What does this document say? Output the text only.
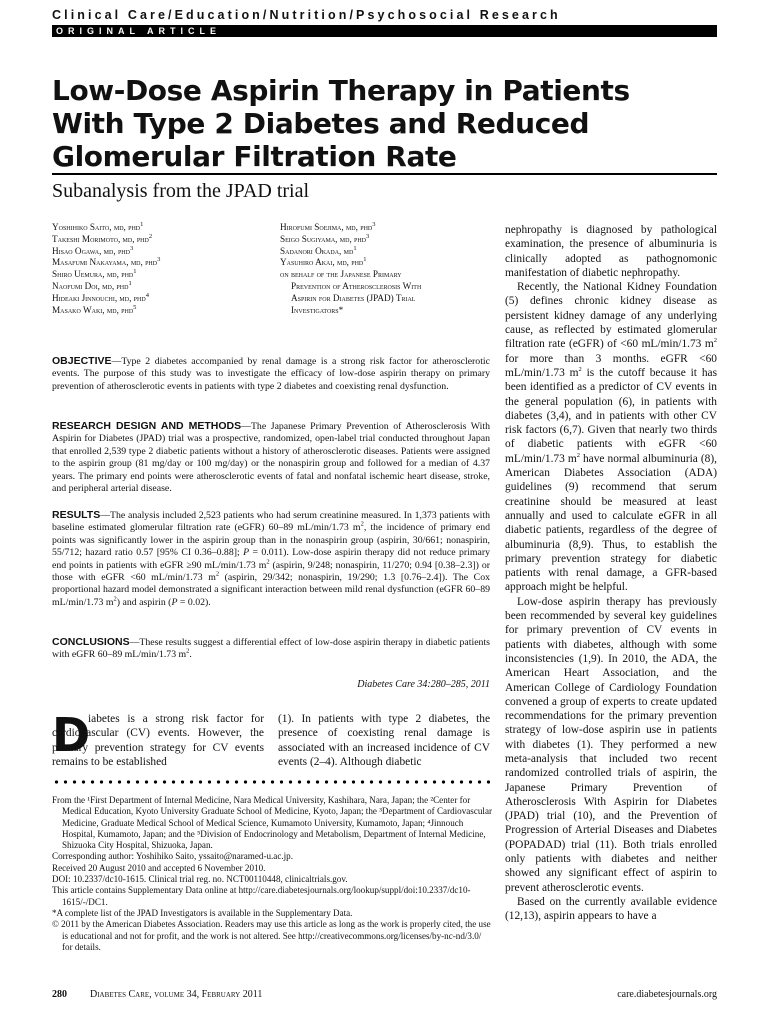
Clinical Care/Education/Nutrition/Psychosocial Research
ORIGINAL ARTICLE
Low-Dose Aspirin Therapy in Patients
With Type 2 Diabetes and Reduced
Glomerular Filtration Rate
Subanalysis from the JPAD trial
Yoshihiko Saito, md, phd$^1$
Takeshi Morimoto, md, phd$^2$
Hisao Ogawa, md, phd$^3$
Masafumi Nakayama, md, phd$^3$
Shiro Uemura, md, phd$^1$
Naofumi Doi, md, phd$^1$
Hideaki Jinnouchi, md, phd$^4$
Masako Waki, md, phd$^5$
Hirofumi Soejima, md, phd$^3$
Seigo Sugiyama, md, phd$^3$
Sadanori Okada, $md^1$
Yasuhiro Akai, md, phd$^1$
on behalf of the Japanese Primary
Prevention of Atherosclerosis With
Aspirin for Diabetes (JPAD) Trial
Investigators*

OBJECTIVE—Type 2 diabetes accompanied by renal damage is a strong risk factor for atherosclerotic events. The purpose of this study was to investigate the efficacy of low-dose aspirin therapy on primary prevention of atherosclerotic events in patients with type 2 diabetes and coexisting renal dysfunction.

RESEARCH DESIGN AND METHODS—The Japanese Primary Prevention of Atherosclerosis With Aspirin for Diabetes (JPAD) trial was a prospective, randomized, open-label trial conducted throughout Japan that enrolled 2,539 type 2 diabetic patients without a history of atherosclerotic diseases. Patients were assigned to the aspirin group (81 mg/day or 100 mg/day) or the nonaspirin group and followed for a median of 4.37 years. The primary end points were atherosclerotic events of fatal and nonfatal ischemic heart disease, stroke, and peripheral arterial disease.

RESULTS—The analysis included 2,523 patients who had serum creatinine measured. In 1,373 patients with baseline estimated glomerular filtration rate (eGFR) 60–89 mL/min/1.73 $m^2$, the incidence of primary end points was significantly lower in the aspirin group than in the nonaspirin group (aspirin, 30/661; nonaspirin, 55/712; hazard ratio 0.57 [95% CI 0.36–0.88]; P = 0.011). Low-dose aspirin therapy did not reduce primary end points in patients with eGFR ≥90 mL/min/1.73 $m^2$ (aspirin, 9/248; nonaspirin, 11/270; 0.94 [0.38–2.3]) or those with eGFR <60 mL/min/1.73 $m^2$ (aspirin, 29/342; nonaspirin, 19/290; 1.3 [0.76–2.4]). The Cox proportional hazard model demonstrated a significant interaction between mild renal dysfunction (eGFR 60–89 mL/min/1.73 $m^2$) and aspirin (P = 0.02).

CONCLUSIONS—These results suggest a differential effect of low-dose aspirin therapy in diabetic patients with eGFR 60–89 mL/min/1.73 $m^2$.

Diabetes Care 34:280–285, 2011
D
iabetes is a strong risk factor for cardiovascular (CV) events. However, the primary prevention strategy for CV events remains to be established
(1). In patients with type 2 diabetes, the presence of coexisting renal damage is associated with an increased incidence of CV events (2–4). Although diabetic
From the ¹First Department of Internal Medicine, Nara Medical University, Kashihara, Nara, Japan; the ²Center for Medical Education, Kyoto University Graduate School of Medicine, Kyoto, Japan; the ³Department of Cardiovascular Medicine, Graduate Medical School of Medical Science, Kumamoto University, Kumamoto, Japan; ⁴Jinnouch Hospital, Kumamoto, Japan; and the ⁵Division of Endocrinology and Metabolism, Department of Internal Medicine, Shizuoka City Hospital, Shizuoka, Japan.
Corresponding author: Yoshihiko Saito, yssaito@naramed-u.ac.jp.
Received 20 August 2010 and accepted 6 November 2010.
DOI: 10.2337/dc10-1615. Clinical trial reg. no. NCT00110448, clinicaltrials.gov.
This article contains Supplementary Data online at http://care.diabetesjournals.org/lookup/suppl/doi:10.2337/dc10-1615/-/DC1.
*A complete list of the JPAD Investigators is available in the Supplementary Data.
© 2011 by the American Diabetes Association. Readers may use this article as long as the work is properly cited, the use is educational and not for profit, and the work is not altered. See http://creativecommons.org/licenses/by-nc-nd/3.0/ for details.

nephropathy is diagnosed by pathological examination, the presence of albuminuria is clinically adopted as pathognomonic manifestation of diabetic nephropathy.

Recently, the National Kidney Foundation (5) defines chronic kidney disease as persistent kidney damage of any underlying cause, as reflected by estimated glomerular filtration rate (eGFR) of <60 mL/min/1.73 $m^2$ for more than 3 months. eGFR <60 mL/min/1.73 $m^2$ is the cutoff because it has been identified as a predictor of CV events in the general population (6), in patients with diabetes (3,4), and in patients with other CV risk factors (6,7). Given that nearly two thirds of diabetic patients with eGFR <60 mL/min/1.73 $m^2$ have normal albuminuria (8), American Diabetes Association (ADA) guidelines (9) recommend that serum creatinine should be measured at least annually and used to calculate eGFR in all diabetic patients, regardless of the degree of albuminuria (8,9). Thus, to establish the primary prevention strategy for diabetic patients with renal damage, a GFR-based approach might be helpful.

Low-dose aspirin therapy has previously been recommended by several key guidelines for primary prevention of CV events in patients with diabetes, although with some inconsistencies (1,9). In 2010, the ADA, the American Heart Association, and the American College of Cardiology Foundation convened a group of experts to create updated recommendations for the primary prevention strategy of low-dose aspirin use in patients with diabetes (1). They performed a new meta-analysis that included two recent randomized controlled trials of aspirin, the Japanese Primary Prevention of Atherosclerosis With Aspirin for Diabetes (JPAD) trial (10), and the Prevention of Progression of Arterial Diseases and Diabetes (POPADAD) trial (11). Both trials enrolled only patients with diabetes and neither showed any significant effect of aspirin to prevent atherosclerotic events.

Based on the currently available evidence (12,13), aspirin appears to have a

280 Diabetes Care, volume 34, February 2011	care.diabetesjournals.org
